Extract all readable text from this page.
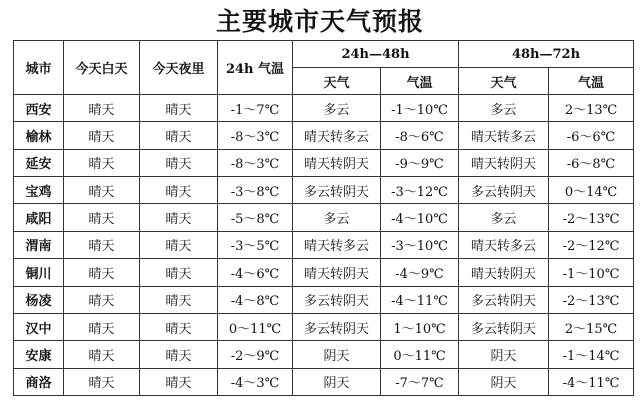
主要城市天气预报
城市	今天白天	今天夜里	24h 气温	24h—48h		48h—72h	
				天气	气温	天气	气温
西安	晴天	晴天	-1～7℃	多云	-1～10℃	多云	2～13℃
榆林	晴天	晴天	-8～3℃	晴天转多云	-8～6℃	晴天转多云	-6～6℃
延安	晴天	晴天	-8～3℃	晴天转阴天	-9～9℃	晴天转阴天	-6～8℃
宝鸡	晴天	晴天	-3～8℃	多云转阴天	-3～12℃	多云转阴天	0～14℃
咸阳	晴天	晴天	-5～8℃	多云	-4～10℃	多云	-2～13℃
渭南	晴天	晴天	-3～5℃	晴天转多云	-3～10℃	晴天转多云	-2～12℃
铜川	晴天	晴天	-4～6℃	晴天转阴天	-4～9℃	晴天转阴天	-1～10℃
杨凌	晴天	晴天	-4～8℃	多云转阴天	-4～11℃	多云转阴天	-2～13℃
汉中	晴天	晴天	0～11℃	多云转阴天	1～10℃	多云转阴天	2～15℃
安康	晴天	晴天	-2～9℃	阴天	0～11℃	阴天	-1～14℃
商洛	晴天	晴天	-4～3℃	阴天	-7～7℃	阴天	-4～11℃
